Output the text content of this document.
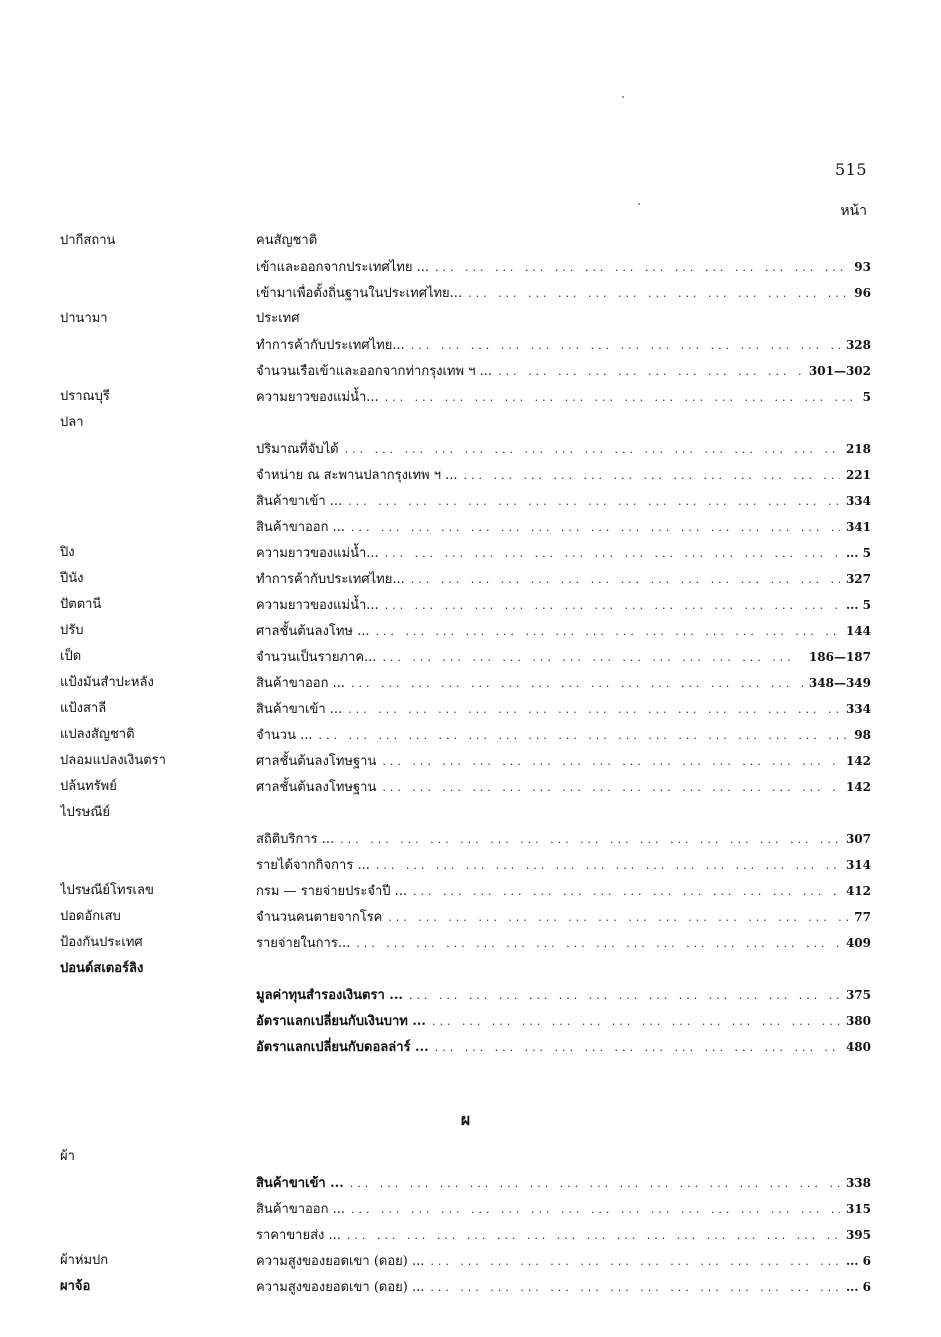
515
หน้า
ปากีสถาน	คนสัญชาติ
เข้าและออกจากประเทศไทย ... ... .	93
เข้ามาเพื่อตั้งถิ่นฐานในประเทศไทย... ... .	96
ปานามา	ประเทศ
ทำการค้ากับประเทศไทย... ... .	328
จำนวนเรือเข้าและออกจากท่ากรุงเทพ ฯ ... ... .	301—302
ปราณบุรี	ความยาวของแม่น้ำ... ... .	5
ปลา
ปริมาณที่จับได้ ... .	218
จำหน่าย ณ สะพานปลากรุงเทพ ฯ ... ... .	221
สินค้าขาเข้า ... ... .	334
สินค้าขาออก ... ... .	341
ปิง	ความยาวของแม่น้ำ... ... .	... 5
ปีนัง	ทำการค้ากับประเทศไทย... ... .	327
ปัตตานี	ความยาวของแม่น้ำ... ... .	... 5
ปรับ	ศาลชั้นต้นลงโทษ ... ... .	144
เป็ด	จำนวนเป็นรายภาค... ... .	186—187
แป้งมันสำปะหลัง	สินค้าขาออก ... ... .	348—349
แป้งสาลี	สินค้าขาเข้า ... ... .	334
แปลงสัญชาติ	จำนวน ... ... .	98
ปลอมแปลงเงินตรา	ศาลชั้นต้นลงโทษฐาน ... .	142
ปล้นทรัพย์	ศาลชั้นต้นลงโทษฐาน ... .	142
ไปรษณีย์
สถิติบริการ ... ... .	307
รายได้จากกิจการ ... ... .	314
ไปรษณีย์โทรเลข	กรม — รายจ่ายประจำปี ... ... .	412
ปอดอักเสบ	จำนวนคนตายจากโรค ... .	77
ป้องกันประเทศ	รายจ่ายในการ... ... .	409
ปอนด์สเตอร์ลิง
มูลค่าทุนสำรองเงินตรา ... ... .	375
อัตราแลกเปลี่ยนกับเงินบาท ... ... .	380
อัตราแลกเปลี่ยนกับดอลล่าร์ ... ... .	480
ผ
ผ้า
สินค้าขาเข้า ... ... .	338
สินค้าขาออก ... ... .	315
ราคาขายส่ง ... ... .	395
ผ้าห่มปก	ความสูงของยอดเขา (ดอย) ... ... .	... 6
ผาจ้อ	ความสูงของยอดเขา (ดอย) ... ... .	... 6
